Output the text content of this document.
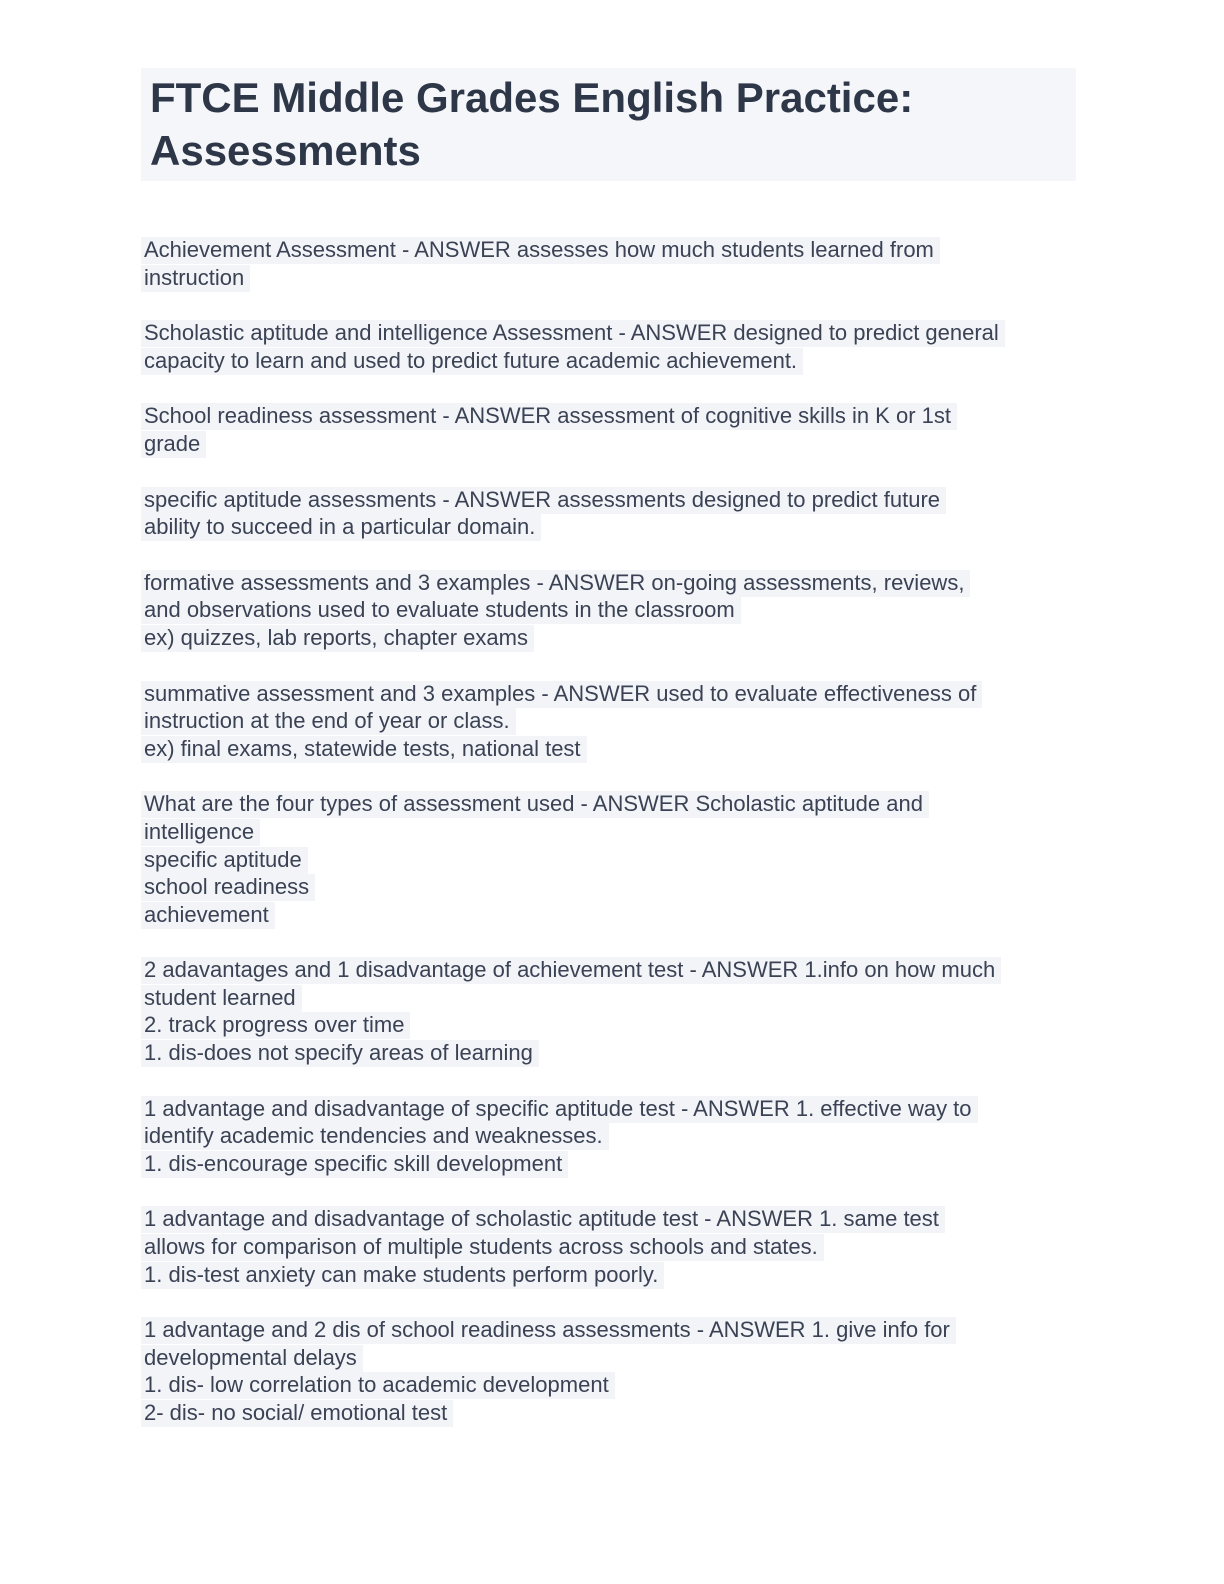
FTCE Middle Grades English Practice:
Assessments

Achievement Assessment - ANSWER assesses how much students learned from
instruction

Scholastic aptitude and intelligence Assessment - ANSWER designed to predict general
capacity to learn and used to predict future academic achievement.

School readiness assessment - ANSWER assessment of cognitive skills in K or 1st
grade

specific aptitude assessments - ANSWER assessments designed to predict future
ability to succeed in a particular domain.

formative assessments and 3 examples - ANSWER on-going assessments, reviews,
and observations used to evaluate students in the classroom
ex) quizzes, lab reports, chapter exams

summative assessment and 3 examples - ANSWER used to evaluate effectiveness of
instruction at the end of year or class.
ex) final exams, statewide tests, national test

What are the four types of assessment used - ANSWER Scholastic aptitude and
intelligence
specific aptitude
school readiness
achievement

2 adavantages and 1 disadvantage of achievement test - ANSWER 1.info on how much
student learned
2. track progress over time
1. dis-does not specify areas of learning

1 advantage and disadvantage of specific aptitude test - ANSWER 1. effective way to
identify academic tendencies and weaknesses.
1. dis-encourage specific skill development

1 advantage and disadvantage of scholastic aptitude test - ANSWER 1. same test
allows for comparison of multiple students across schools and states.
1. dis-test anxiety can make students perform poorly.

1 advantage and 2 dis of school readiness assessments - ANSWER 1. give info for
developmental delays
1. dis- low correlation to academic development
2- dis- no social/ emotional test
